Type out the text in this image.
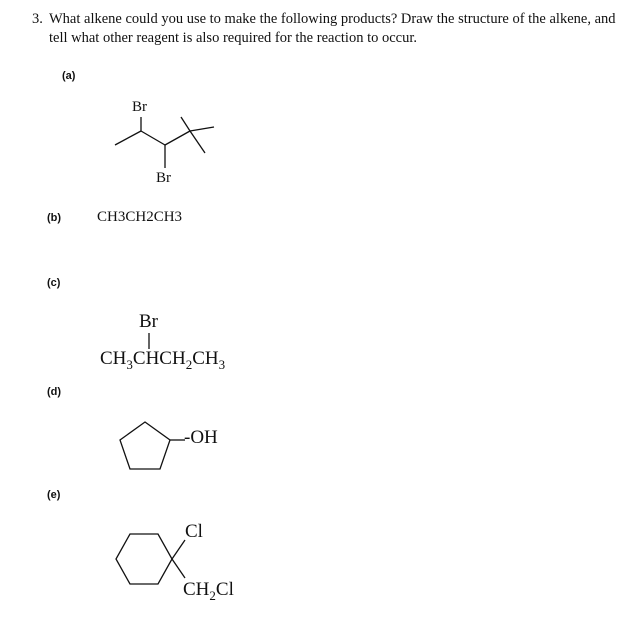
3. What alkene could you use to make the following products? Draw the structure of the alkene, and tell what other reagent is also required for the reaction to occur.
(a)
Br
Br
(b) CH3CH2CH3
(c)
Br
$CH_3CHCH_2CH_3$
(d)
-OH
(e)
Cl
$CH_2Cl$
